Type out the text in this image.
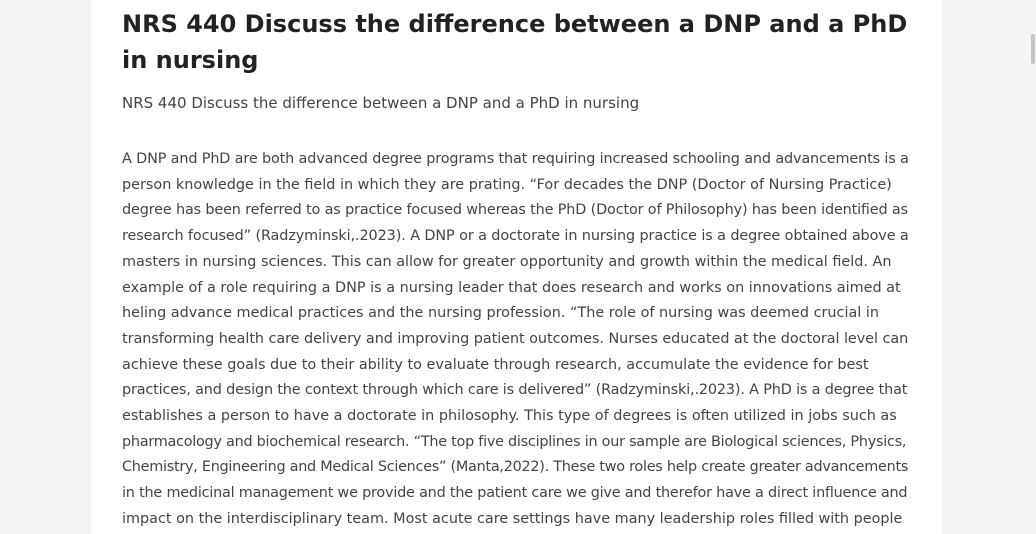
NRS 440 Discuss the difference between a DNP and a PhD in nursing

NRS 440 Discuss the difference between a DNP and a PhD in nursing

A DNP and PhD are both advanced degree programs that requiring increased schooling and advancements is a
person knowledge in the field in which they are prating. “For decades the DNP (Doctor of Nursing Practice)
degree has been referred to as practice focused whereas the PhD (Doctor of Philosophy) has been identified as
research focused” (Radzyminski,.2023). A DNP or a doctorate in nursing practice is a degree obtained above a
masters in nursing sciences. This can allow for greater opportunity and growth within the medical field. An
example of a role requiring a DNP is a nursing leader that does research and works on innovations aimed at
heling advance medical practices and the nursing profession. “The role of nursing was deemed crucial in
transforming health care delivery and improving patient outcomes. Nurses educated at the doctoral level can
achieve these goals due to their ability to evaluate through research, accumulate the evidence for best
practices, and design the context through which care is delivered” (Radzyminski,.2023). A PhD is a degree that
establishes a person to have a doctorate in philosophy. This type of degrees is often utilized in jobs such as
pharmacology and biochemical research. “The top five disciplines in our sample are Biological sciences, Physics,
Chemistry, Engineering and Medical Sciences” (Manta,2022). These two roles help create greater advancements
in the medicinal management we provide and the patient care we give and therefor have a direct influence and
impact on the interdisciplinary team. Most acute care settings have many leadership roles filled with people
